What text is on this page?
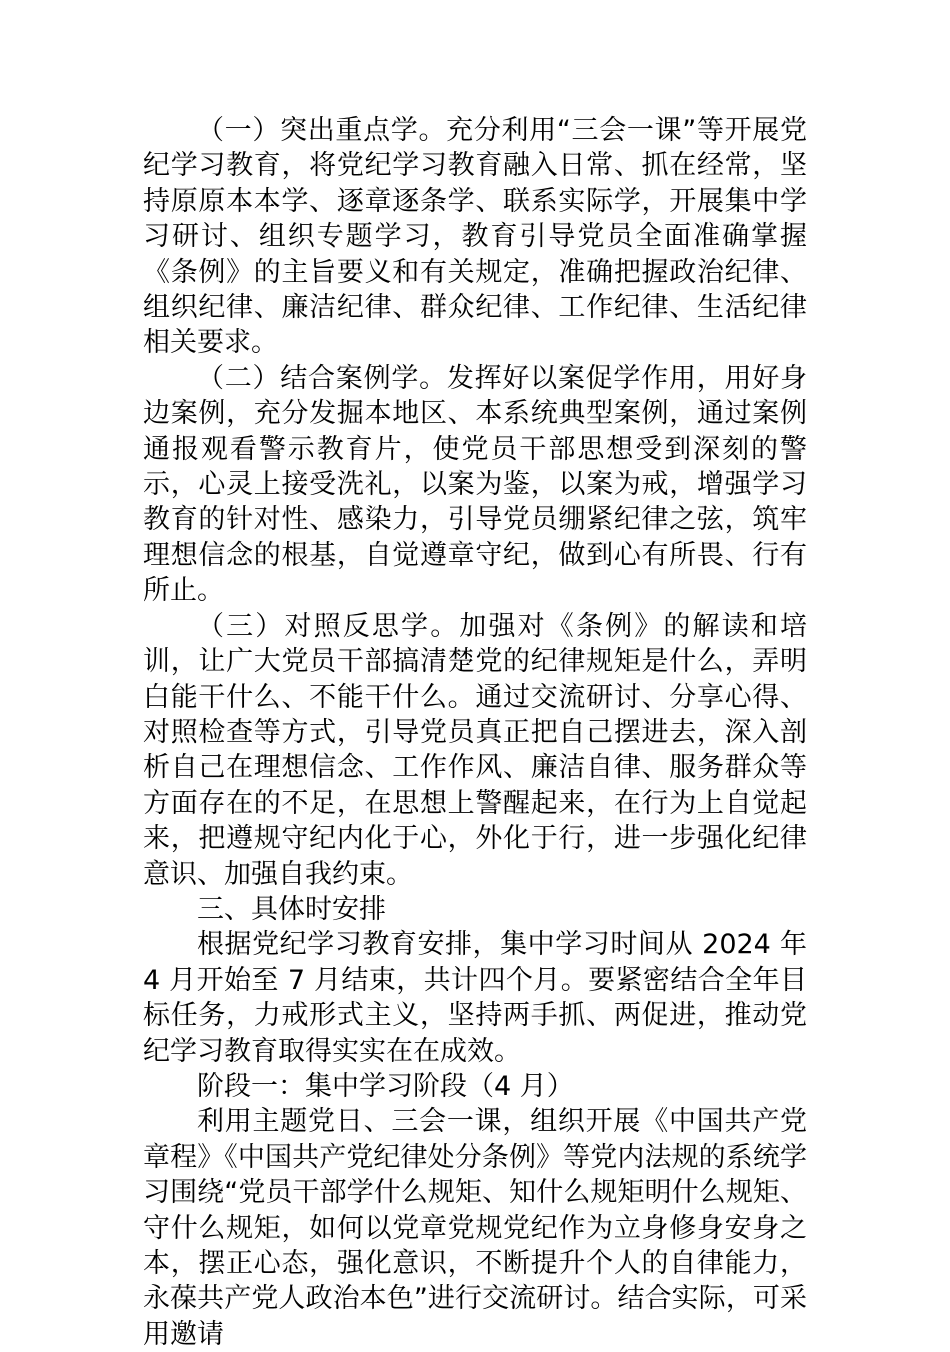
（一）突出重点学。充分利用“三会一课”等开展党纪学习教育，将党纪学习教育融入日常、抓在经常，坚持原原本本学、逐章逐条学、联系实际学，开展集中学习研讨、组织专题学习，教育引导党员全面准确掌握《条例》的主旨要义和有关规定，准确把握政治纪律、组织纪律、廉洁纪律、群众纪律、工作纪律、生活纪律相关要求。

（二）结合案例学。发挥好以案促学作用，用好身边案例，充分发掘本地区、本系统典型案例，通过案例通报观看警示教育片，使党员干部思想受到深刻的警示，心灵上接受洗礼，以案为鉴，以案为戒，增强学习教育的针对性、感染力，引导党员绷紧纪律之弦，筑牢理想信念的根基，自觉遵章守纪，做到心有所畏、行有所止。

（三）对照反思学。加强对《条例》的解读和培训，让广大党员干部搞清楚党的纪律规矩是什么，弄明白能干什么、不能干什么。通过交流研讨、分享心得、对照检查等方式，引导党员真正把自己摆进去，深入剖析自己在理想信念、工作作风、廉洁自律、服务群众等方面存在的不足，在思想上警醒起来，在行为上自觉起来，把遵规守纪内化于心，外化于行，进一步强化纪律意识、加强自我约束。

三、具体时安排

根据党纪学习教育安排，集中学习时间从 2024 年 4 月开始至 7 月结束，共计四个月。要紧密结合全年目标任务，力戒形式主义，坚持两手抓、两促进，推动党纪学习教育取得实实在在成效。

阶段一：集中学习阶段（4 月）

利用主题党日、三会一课，组织开展《中国共产党章程》《中国共产党纪律处分条例》等党内法规的系统学习围绕“党员干部学什么规矩、知什么规矩明什么规矩、守什么规矩，如何以党章党规党纪作为立身修身安身之本，摆正心态，强化意识，不断提升个人的自律能力，永葆共产党人政治本色”进行交流研讨。结合实际，可采用邀请
